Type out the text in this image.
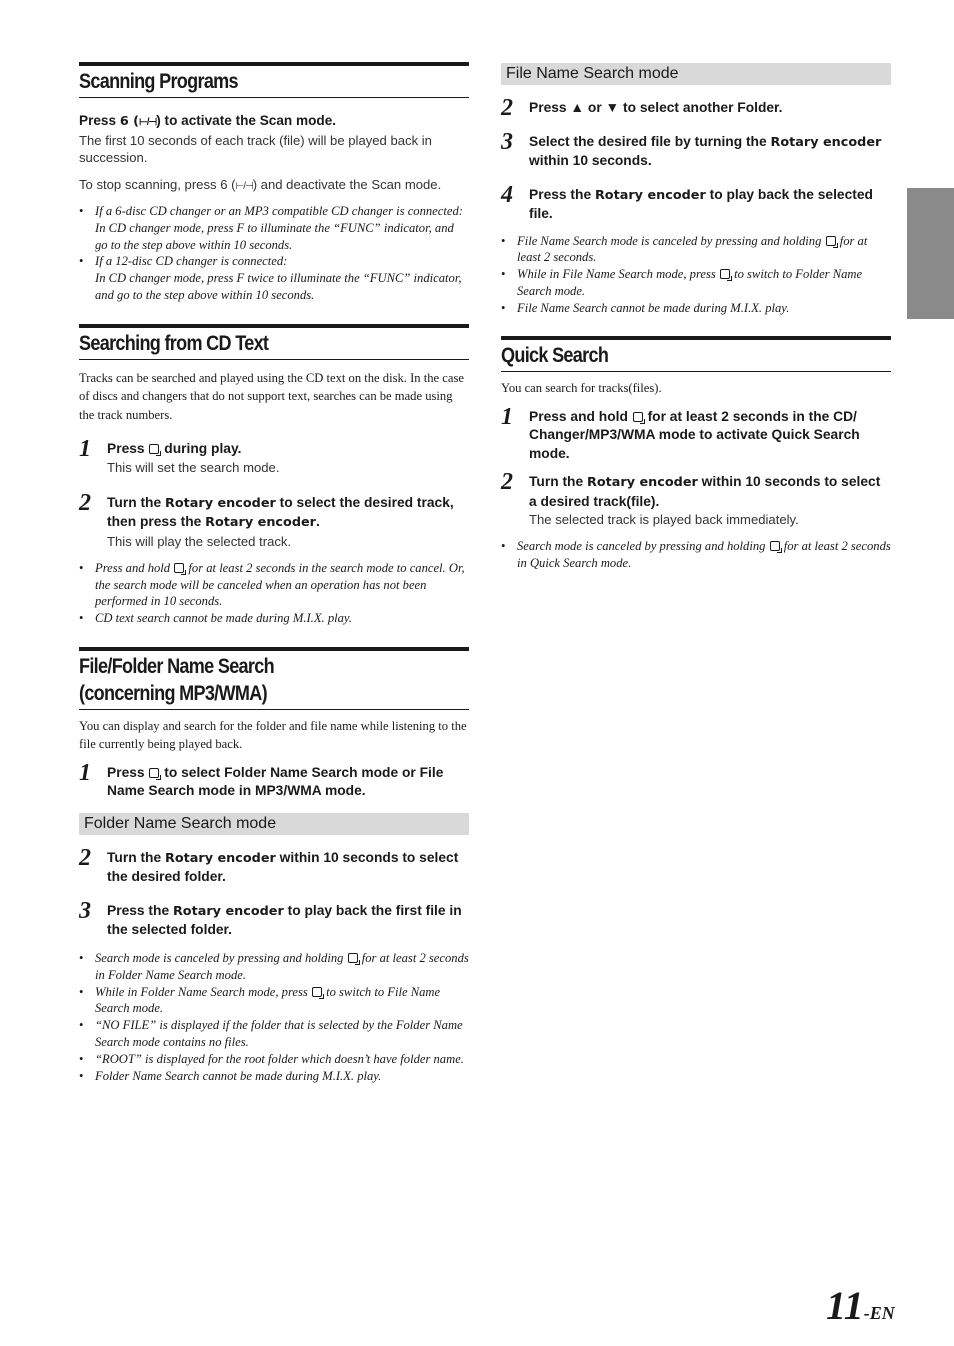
Scanning Programs

Press 6 (⊢/⊣) to activate the Scan mode.

The first 10 seconds of each track (file) will be played back in succession.

To stop scanning, press 6 (⊢/⊣) and deactivate the Scan mode.

• If a 6-disc CD changer or an MP3 compatible CD changer is connected:
In CD changer mode, press F to illuminate the “FUNC” indicator, and go to the step above within 10 seconds.
• If a 12-disc CD changer is connected:
In CD changer mode, press F twice to illuminate the “FUNC” indicator, and go to the step above within 10 seconds.
Searching from CD Text

Tracks can be searched and played using the CD text on the disk. In the case of discs and changers that do not support text, searches can be made using the track numbers.

1 Press  during play.

This will set the search mode.

2 Turn the Rotary encoder to select the desired track, then press the Rotary encoder.

This will play the selected track.

• Press and hold  for at least 2 seconds in the search mode to cancel. Or, the search mode will be canceled when an operation has not been performed in 10 seconds.
• CD text search cannot be made during M.I.X. play.
File/Folder Name Search
(concerning MP3/WMA)

You can display and search for the folder and file name while listening to the file currently being played back.

1 Press  to select Folder Name Search mode or File Name Search mode in MP3/WMA mode.

Folder Name Search mode

2 Turn the Rotary encoder within 10 seconds to select the desired folder.

3 Press the Rotary encoder to play back the first file in the selected folder.

• Search mode is canceled by pressing and holding  for at least 2 seconds in Folder Name Search mode.
• While in Folder Name Search mode, press  to switch to File Name Search mode.
• “NO FILE” is displayed if the folder that is selected by the Folder Name Search mode contains no files.
• “ROOT” is displayed for the root folder which doesn’t have folder name.
• Folder Name Search cannot be made during M.I.X. play.

File Name Search mode

2 Press ▲ or ▼ to select another Folder.

3 Select the desired file by turning the Rotary encoder within 10 seconds.

4 Press the Rotary encoder to play back the selected file.

• File Name Search mode is canceled by pressing and holding  for at least 2 seconds.
• While in File Name Search mode, press  to switch to Folder Name Search mode.
• File Name Search cannot be made during M.I.X. play.
Quick Search

You can search for tracks(files).

1 Press and hold  for at least 2 seconds in the CD/ Changer/MP3/WMA mode to activate Quick Search mode.

2 Turn the Rotary encoder within 10 seconds to select a desired track(file).

The selected track is played back immediately.

• Search mode is canceled by pressing and holding  for at least 2 seconds in Quick Search mode.
11-EN
